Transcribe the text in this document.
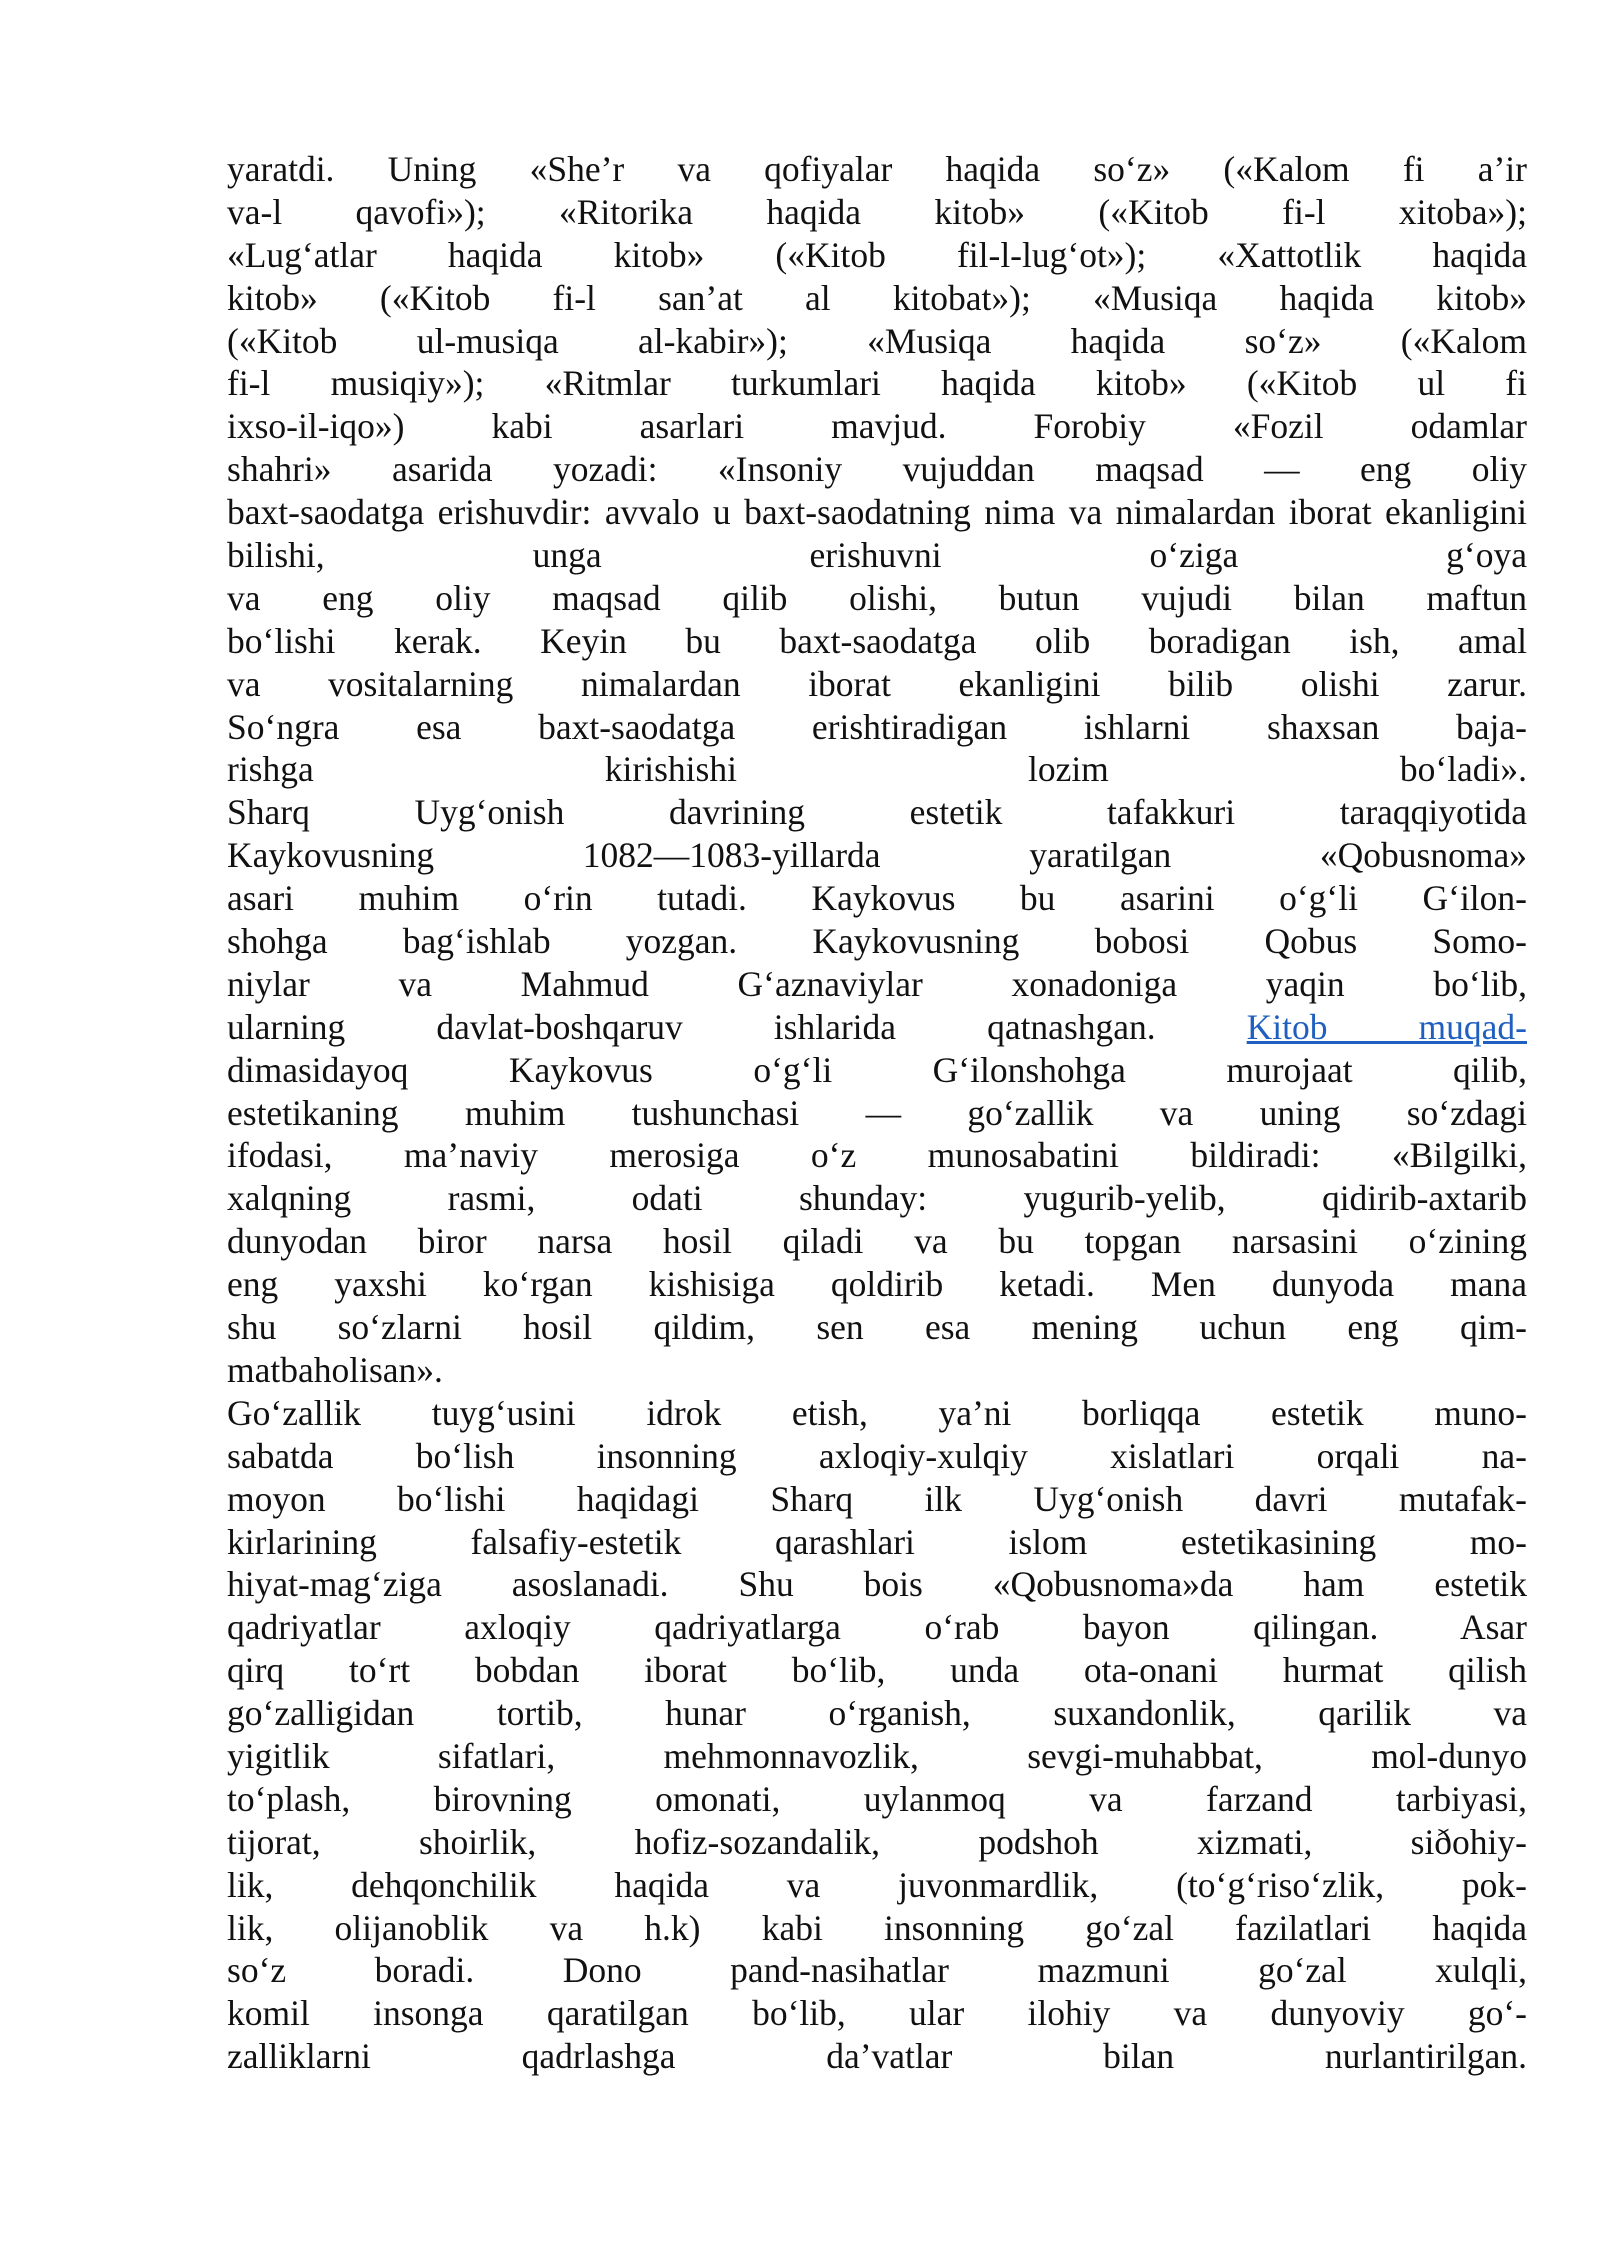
yaratdi. Uning «She’r va qofiyalar haqida so‘z» («Kalom fi a’ir
va-l qavofi»); «Ritorika haqida kitob» («Kitob fi-l xitoba»);
«Lug‘atlar haqida kitob» («Kitob fil-l-lug‘ot»); «Xattotlik haqida
kitob» («Kitob fi-l san’at al kitobat»); «Musiqa haqida kitob»
(«Kitob ul-musiqa al-kabir»); «Musiqa haqida so‘z» («Kalom
fi-l musiqiy»); «Ritmlar turkumlari haqida kitob» («Kitob ul fi
ixso-il-iqo») kabi asarlari mavjud. Forobiy «Fozil odamlar
shahri» asarida yozadi: «Insoniy vujuddan maqsad — eng oliy
baxt-saodatga erishuvdir: avvalo u baxt-saodatning nima va nimalardan iborat ekanligini
bilishi, unga erishuvni o‘ziga g‘oya
va eng oliy maqsad qilib olishi, butun vujudi bilan maftun
bo‘lishi kerak. Keyin bu baxt-saodatga olib boradigan ish, amal
va vositalarning nimalardan iborat ekanligini bilib olishi zarur.
So‘ngra esa baxt-saodatga erishtiradigan ishlarni shaxsan baja-
rishga kirishishi lozim bo‘ladi».
Sharq Uyg‘onish davrining estetik tafakkuri taraqqiyotida
Kaykovusning 1082—1083-yillarda yaratilgan «Qobusnoma»
asari muhim o‘rin tutadi. Kaykovus bu asarini o‘g‘li G‘ilon-
shohga bag‘ishlab yozgan. Kaykovusning bobosi Qobus Somo-
niylar va Mahmud G‘aznaviylar xonadoniga yaqin bo‘lib,
ularning davlat-boshqaruv ishlarida qatnashgan.	Kitob muqad-
dimasidayoq Kaykovus o‘g‘li G‘ilonshohga murojaat qilib,
estetikaning muhim tushunchasi — go‘zallik va uning so‘zdagi
ifodasi, ma’naviy merosiga o‘z munosabatini bildiradi: «Bilgilki,
xalqning rasmi, odati shunday: yugurib-yelib, qidirib-axtarib
dunyodan biror narsa hosil qiladi va bu topgan narsasini o‘zining
eng yaxshi ko‘rgan kishisiga qoldirib ketadi. Men dunyoda mana
shu so‘zlarni hosil qildim, sen esa mening uchun eng qim-
matbaholisan».
Go‘zallik tuyg‘usini idrok etish, ya’ni borliqqa estetik muno-
sabatda bo‘lish insonning axloqiy-xulqiy xislatlari orqali na-
moyon bo‘lishi haqidagi Sharq ilk Uyg‘onish davri mutafak-
kirlarining falsafiy-estetik qarashlari islom estetikasining mo-
hiyat-mag‘ziga asoslanadi. Shu bois «Qobusnoma»da ham estetik
qadriyatlar axloqiy qadriyatlarga o‘rab bayon qilingan. Asar
qirq to‘rt bobdan iborat bo‘lib, unda ota-onani hurmat qilish
go‘zalligidan tortib, hunar o‘rganish, suxandonlik, qarilik va
yigitlik sifatlari, mehmonnavozlik, sevgi-muhabbat, mol-dunyo
to‘plash, birovning omonati, uylanmoq va farzand tarbiyasi,
tijorat, shoirlik, hofiz-sozandalik, podshoh xizmati, siðohiy-
lik, dehqonchilik haqida va juvonmardlik, (to‘g‘riso‘zlik, pok-
lik, olijanoblik va h.k) kabi insonning go‘zal fazilatlari haqida
so‘z boradi. Dono pand-nasihatlar mazmuni go‘zal xulqli,
komil insonga qaratilgan bo‘lib, ular ilohiy va dunyoviy go‘-
zalliklarni qadrlashga da’vatlar bilan nurlantirilgan.
